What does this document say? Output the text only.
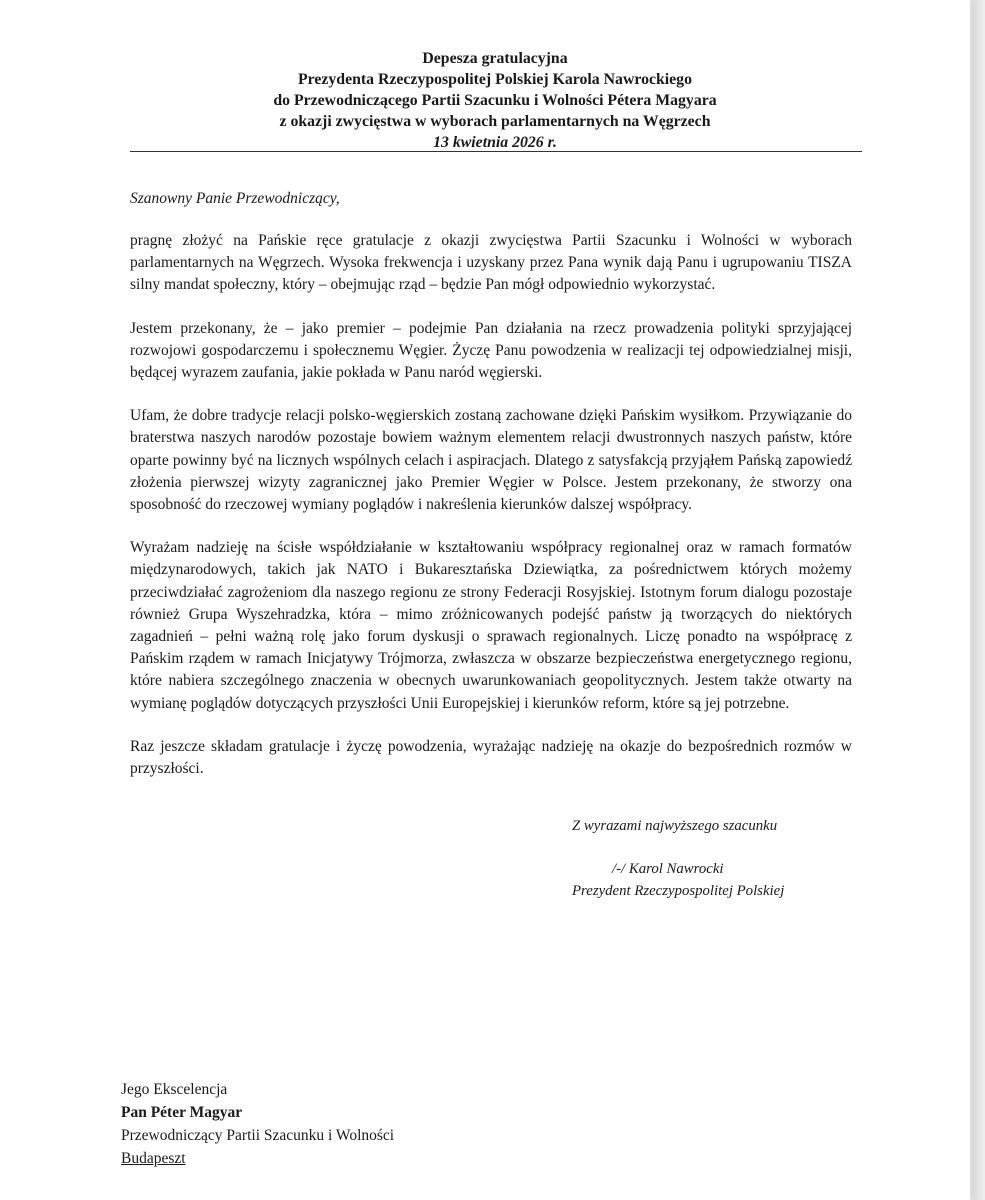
Depesza gratulacyjna
Prezydenta Rzeczypospolitej Polskiej Karola Nawrockiego
do Przewodniczącego Partii Szacunku i Wolności Pétera Magyara
z okazji zwycięstwa w wyborach parlamentarnych na Węgrzech
13 kwietnia 2026 r.
Szanowny Panie Przewodniczący,

pragnę złożyć na Pańskie ręce gratulacje z okazji zwycięstwa Partii Szacunku i Wolności w wyborach parlamentarnych na Węgrzech. Wysoka frekwencja i uzyskany przez Pana wynik dają Panu i ugrupowaniu TISZA silny mandat społeczny, który – obejmując rząd – będzie Pan mógł odpowiednio wykorzystać.

Jestem przekonany, że – jako premier – podejmie Pan działania na rzecz prowadzenia polityki sprzyjającej rozwojowi gospodarczemu i społecznemu Węgier. Życzę Panu powodzenia w realizacji tej odpowiedzialnej misji, będącej wyrazem zaufania, jakie pokłada w Panu naród węgierski.

Ufam, że dobre tradycje relacji polsko-węgierskich zostaną zachowane dzięki Pańskim wysiłkom. Przywiązanie do braterstwa naszych narodów pozostaje bowiem ważnym elementem relacji dwustronnych naszych państw, które oparte powinny być na licznych wspólnych celach i aspiracjach. Dlatego z satysfakcją przyjąłem Pańską zapowiedź złożenia pierwszej wizyty zagranicznej jako Premier Węgier w Polsce. Jestem przekonany, że stworzy ona sposobność do rzeczowej wymiany poglądów i nakreślenia kierunków dalszej współpracy.

Wyrażam nadzieję na ścisłe współdziałanie w kształtowaniu współpracy regionalnej oraz w ramach formatów międzynarodowych, takich jak NATO i Bukaresztańska Dziewiątka, za pośrednictwem których możemy przeciwdziałać zagrożeniom dla naszego regionu ze strony Federacji Rosyjskiej. Istotnym forum dialogu pozostaje również Grupa Wyszehradzka, która – mimo zróżnicowanych podejść państw ją tworzących do niektórych zagadnień – pełni ważną rolę jako forum dyskusji o sprawach regionalnych. Liczę ponadto na współpracę z Pańskim rządem w ramach Inicjatywy Trójmorza, zwłaszcza w obszarze bezpieczeństwa energetycznego regionu, które nabiera szczególnego znaczenia w obecnych uwarunkowaniach geopolitycznych. Jestem także otwarty na wymianę poglądów dotyczących przyszłości Unii Europejskiej i kierunków reform, które są jej potrzebne.

Raz jeszcze składam gratulacje i życzę powodzenia, wyrażając nadzieję na okazje do bezpośrednich rozmów w przyszłości.

Z wyrazami najwyższego szacunku
/-/ Karol Nawrocki
Prezydent Rzeczypospolitej Polskiej
Jego Ekscelencja
Pan Péter Magyar
Przewodniczący Partii Szacunku i Wolności
Budapeszt
